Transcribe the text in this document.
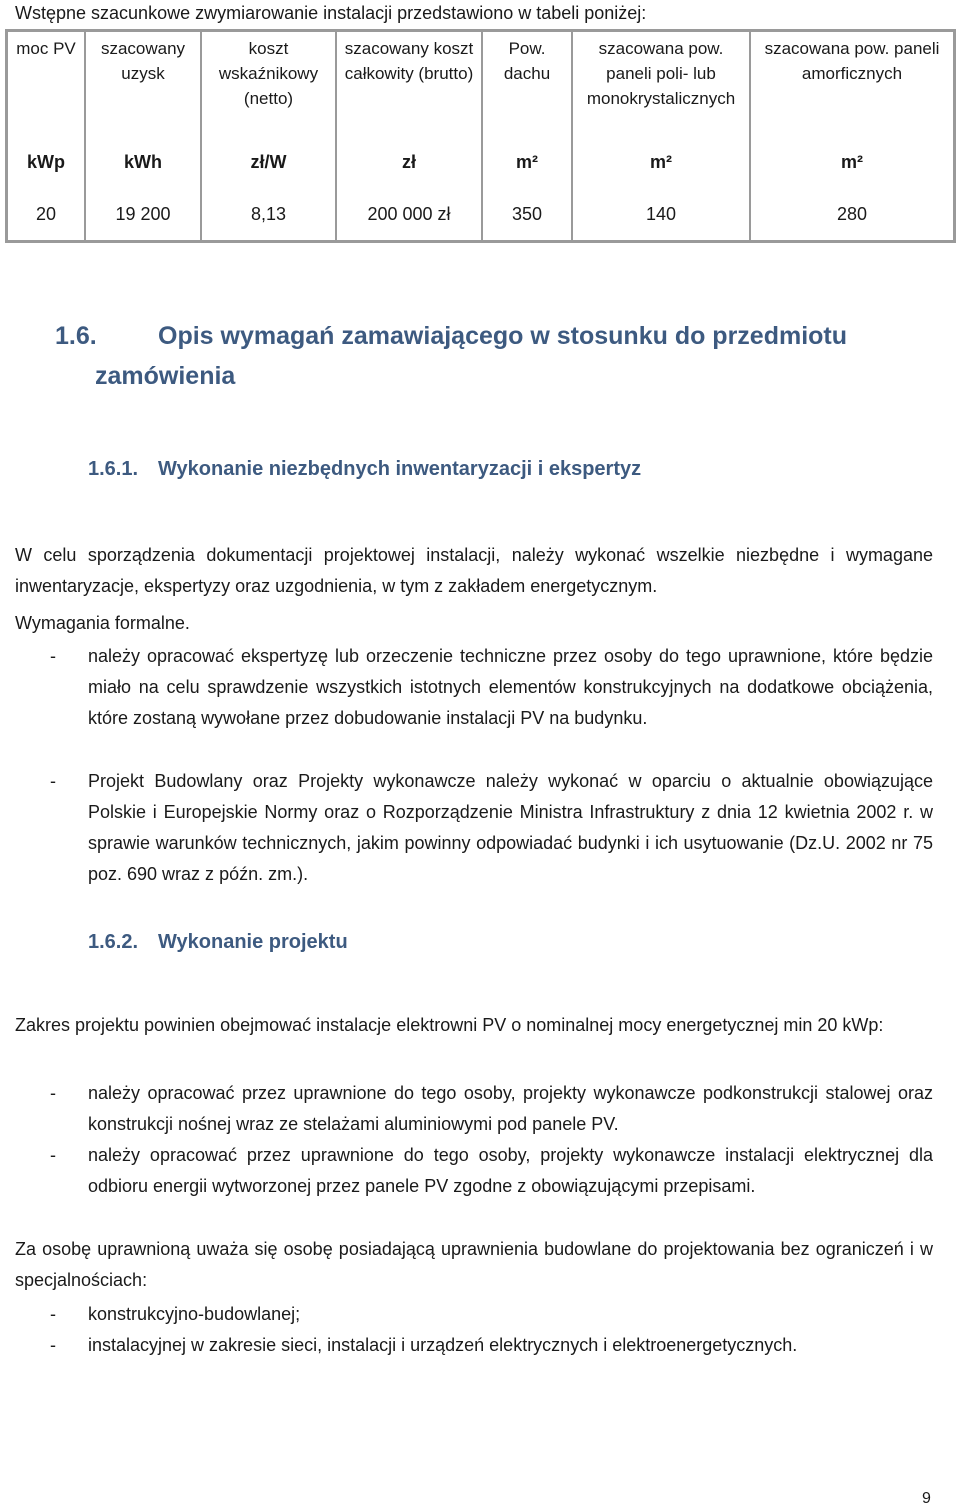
Wstępne szacunkowe zwymiarowanie instalacji przedstawiono w tabeli poniżej:
moc PV	szacowany uzysk	koszt wskaźnikowy (netto)	szacowany koszt całkowity (brutto)	Pow. dachu	szacowana pow. paneli poli- lub monokrystalicznych	szacowana pow. paneli amorficznych
kWp	kWh	zł/W	zł	m²	m²	m²
20	19 200	8,13	200 000 zł	350	140	280
1.6. Opis wymagań zamawiającego w stosunku do przedmiotu
zamówienia
1.6.1. Wykonanie niezbędnych inwentaryzacji i ekspertyz
W celu sporządzenia dokumentacji projektowej instalacji, należy wykonać wszelkie niezbędne i wymagane inwentaryzacje, ekspertyzy oraz uzgodnienia, w tym z zakładem energetycznym.
Wymagania formalne.
- należy opracować ekspertyzę lub orzeczenie techniczne przez osoby do tego uprawnione, które będzie miało na celu sprawdzenie wszystkich istotnych elementów konstrukcyjnych na dodatkowe obciążenia, które zostaną wywołane przez dobudowanie instalacji PV na budynku.
- Projekt Budowlany oraz Projekty wykonawcze należy wykonać w oparciu o aktualnie obowiązujące Polskie i Europejskie Normy oraz o Rozporządzenie Ministra Infrastruktury z dnia 12 kwietnia 2002 r. w sprawie warunków technicznych, jakim powinny odpowiadać budynki i ich usytuowanie (Dz.U. 2002 nr 75 poz. 690 wraz z późn. zm.).
1.6.2. Wykonanie projektu
Zakres projektu powinien obejmować instalacje elektrowni PV o nominalnej mocy energetycznej min 20 kWp:
- należy opracować przez uprawnione do tego osoby, projekty wykonawcze podkonstrukcji stalowej oraz konstrukcji nośnej wraz ze stelażami aluminiowymi pod panele PV.
- należy opracować przez uprawnione do tego osoby, projekty wykonawcze instalacji elektrycznej dla odbioru energii wytworzonej przez panele PV zgodne z obowiązującymi przepisami.
Za osobę uprawnioną uważa się osobę posiadającą uprawnienia budowlane do projektowania bez ograniczeń i w specjalnościach:
- konstrukcyjno-budowlanej;
- instalacyjnej w zakresie sieci, instalacji i urządzeń elektrycznych i elektroenergetycznych.
9
